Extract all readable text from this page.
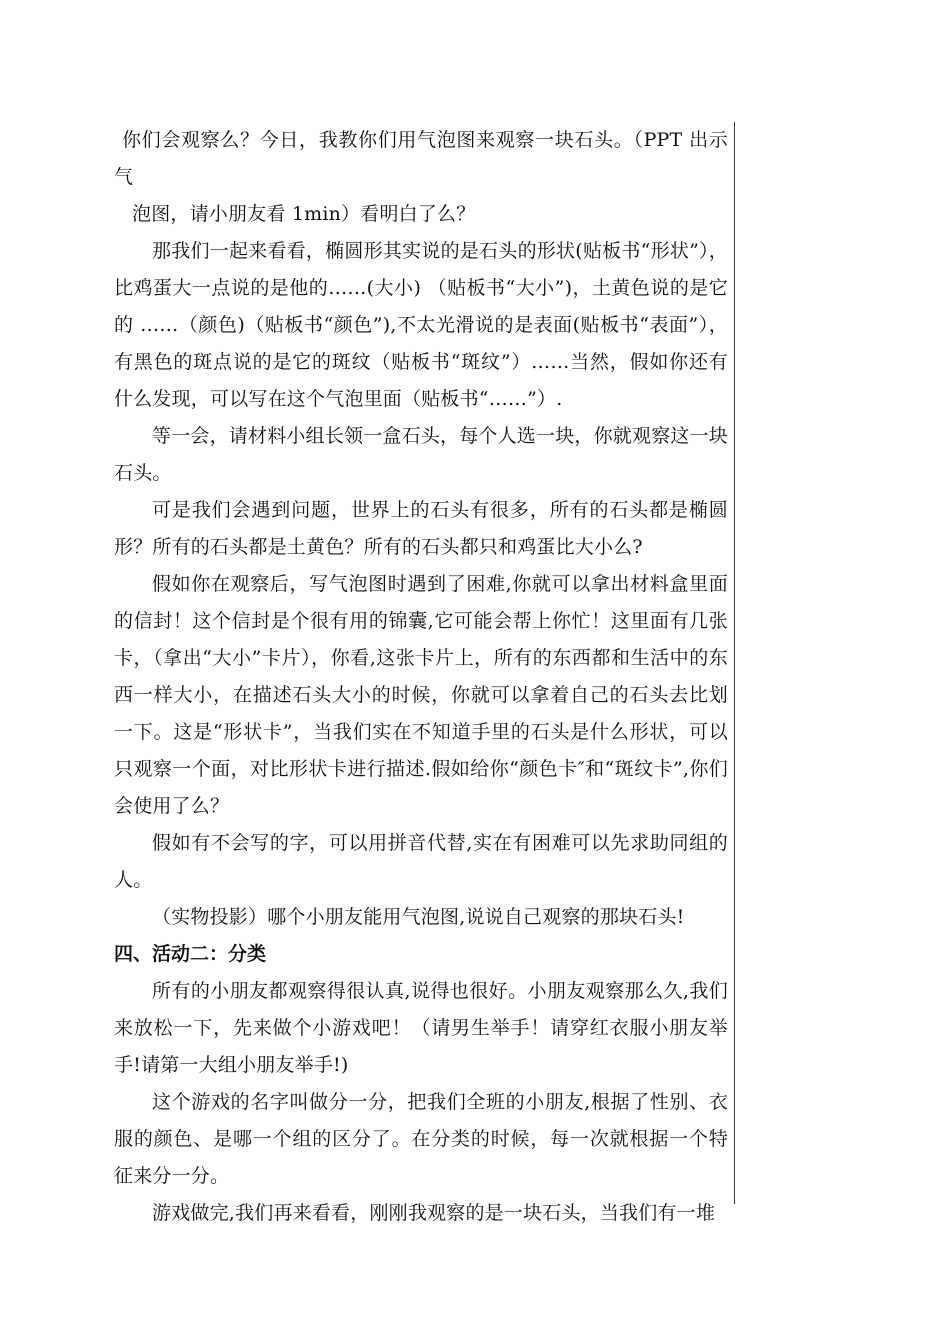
你们会观察么？今日，我教你们用气泡图来观察一块石头。（PPT 出示气

泡图，请小朋友看 1min）看明白了么？

那我们一起来看看，椭圆形其实说的是石头的形状(贴板书“形状”），比鸡蛋大一点说的是他的……(大小) （贴板书“大小”)，土黄色说的是它的 ……（颜色)（贴板书“颜色”),不太光滑说的是表面(贴板书“表面”），有黑色的斑点说的是它的斑纹（贴板书“斑纹”）……当然，假如你还有什么发现，可以写在这个气泡里面（贴板书“……”）.

等一会，请材料小组长领一盒石头，每个人选一块，你就观察这一块石头。

可是我们会遇到问题，世界上的石头有很多，所有的石头都是椭圆形？所有的石头都是土黄色？所有的石头都只和鸡蛋比大小么?

假如你在观察后，写气泡图时遇到了困难,你就可以拿出材料盒里面的信封！这个信封是个很有用的锦囊,它可能会帮上你忙！这里面有几张卡，（拿出“大小”卡片），你看,这张卡片上，所有的东西都和生活中的东西一样大小，在描述石头大小的时候，你就可以拿着自己的石头去比划一下。这是“形状卡”，当我们实在不知道手里的石头是什么形状，可以只观察一个面，对比形状卡进行描述.假如给你“颜色卡″和“斑纹卡”,你们会使用了么？

假如有不会写的字，可以用拼音代替,实在有困难可以先求助同组的人。

（实物投影）哪个小朋友能用气泡图,说说自己观察的那块石头!

四、活动二：分类

所有的小朋友都观察得很认真,说得也很好。小朋友观察那么久,我们来放松一下，先来做个小游戏吧！（请男生举手！请穿红衣服小朋友举手!请第一大组小朋友举手!)

这个游戏的名字叫做分一分，把我们全班的小朋友,根据了性别、衣服的颜色、是哪一个组的区分了。在分类的时候，每一次就根据一个特征来分一分。

游戏做完,我们再来看看，刚刚我观察的是一块石头，当我们有一堆
